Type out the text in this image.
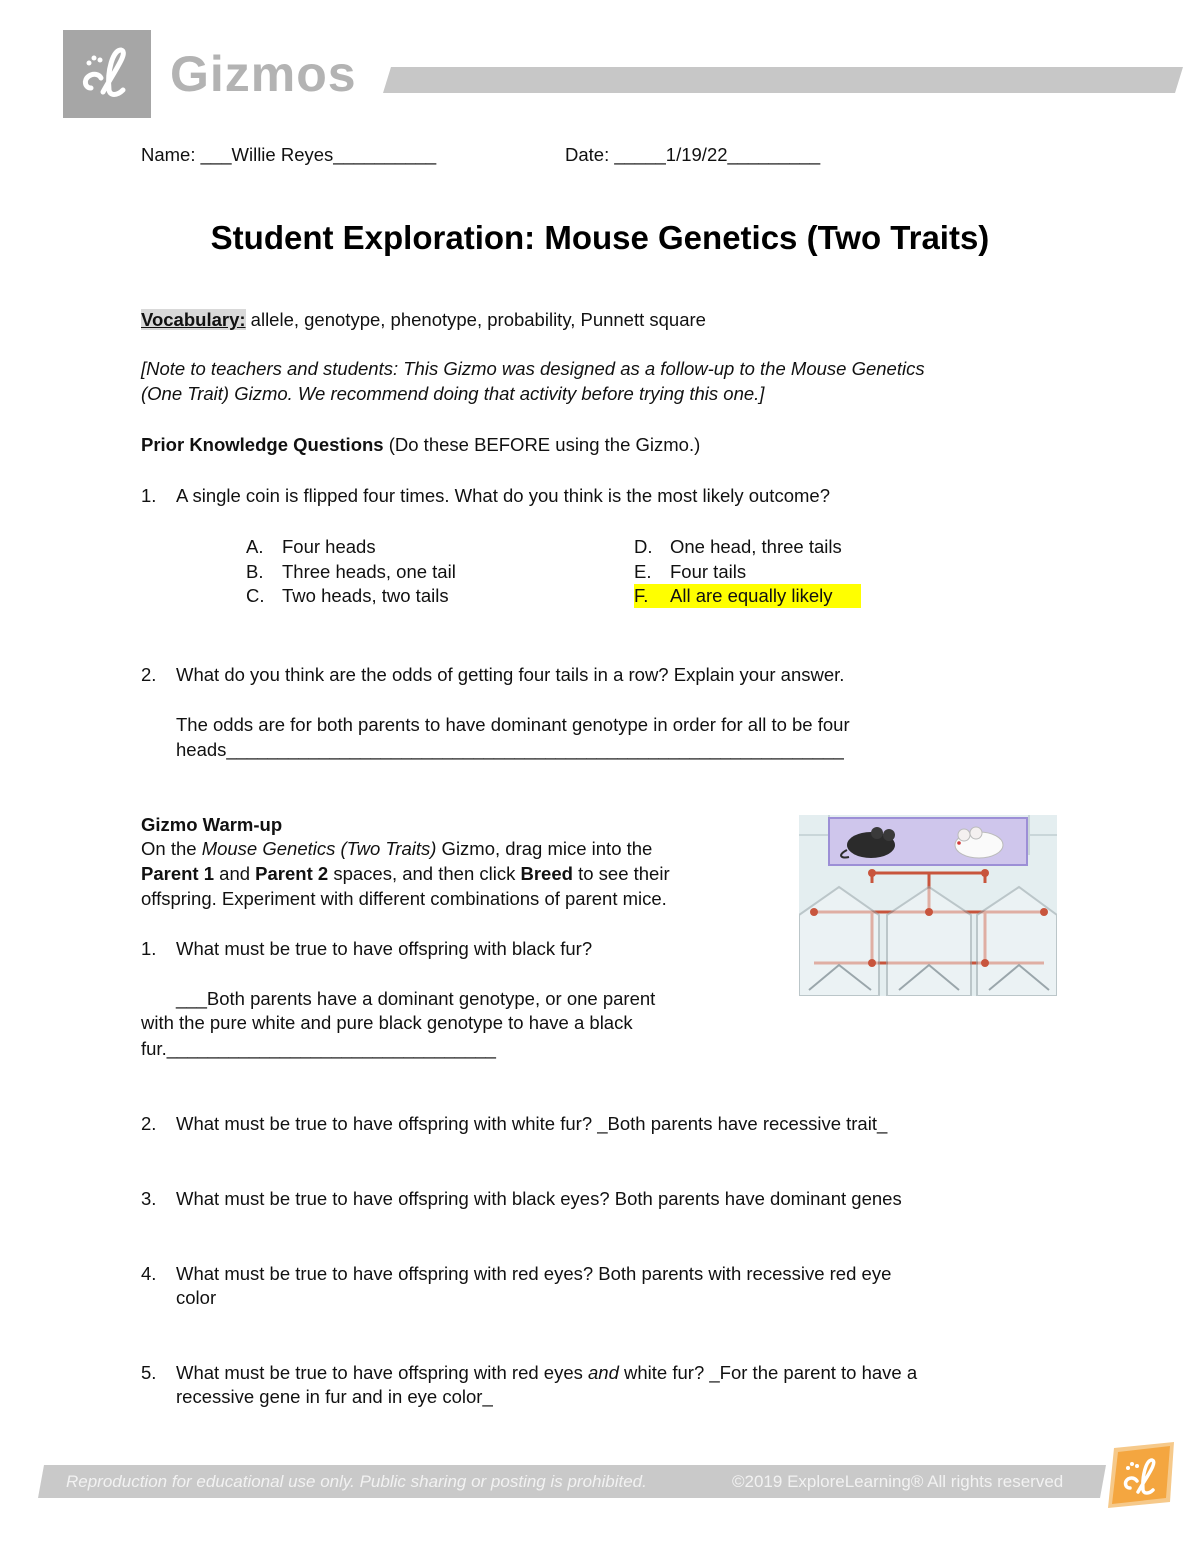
Gizmos
Name: ___Willie Reyes__________	Date: _____1/19/22_________
Student Exploration: Mouse Genetics (Two Traits)
Vocabulary: allele, genotype, phenotype, probability, Punnett square
[Note to teachers and students: This Gizmo was designed as a follow-up to the Mouse Genetics
(One Trait) Gizmo. We recommend doing that activity before trying this one.]
Prior Knowledge Questions (Do these BEFORE using the Gizmo.)
1. A single coin is flipped four times. What do you think is the most likely outcome?
A. Four heads
B. Three heads, one tail
C. Two heads, two tails
D. One head, three tails
E. Four tails
F. All are equally likely
2. What do you think are the odds of getting four tails in a row? Explain your answer.
The odds are for both parents to have dominant genotype in order for all to be four
heads____________________________________________________________
Gizmo Warm-up
On the Mouse Genetics (Two Traits) Gizmo, drag mice into the
Parent 1 and Parent 2 spaces, and then click Breed to see their
offspring. Experiment with different combinations of parent mice.
1. What must be true to have offspring with black fur?
___Both parents have a dominant genotype, or one parent
with the pure white and pure black genotype to have a black
fur.________________________________
2. What must be true to have offspring with white fur? _Both parents have recessive trait_
3. What must be true to have offspring with black eyes? Both parents have dominant genes
4. What must be true to have offspring with red eyes? Both parents with recessive red eye
color
5. What must be true to have offspring with red eyes and white fur? _For the parent to have a
recessive gene in fur and in eye color_
Reproduction for educational use only. Public sharing or posting is prohibited.	©2019 ExploreLearning® All rights reserved
